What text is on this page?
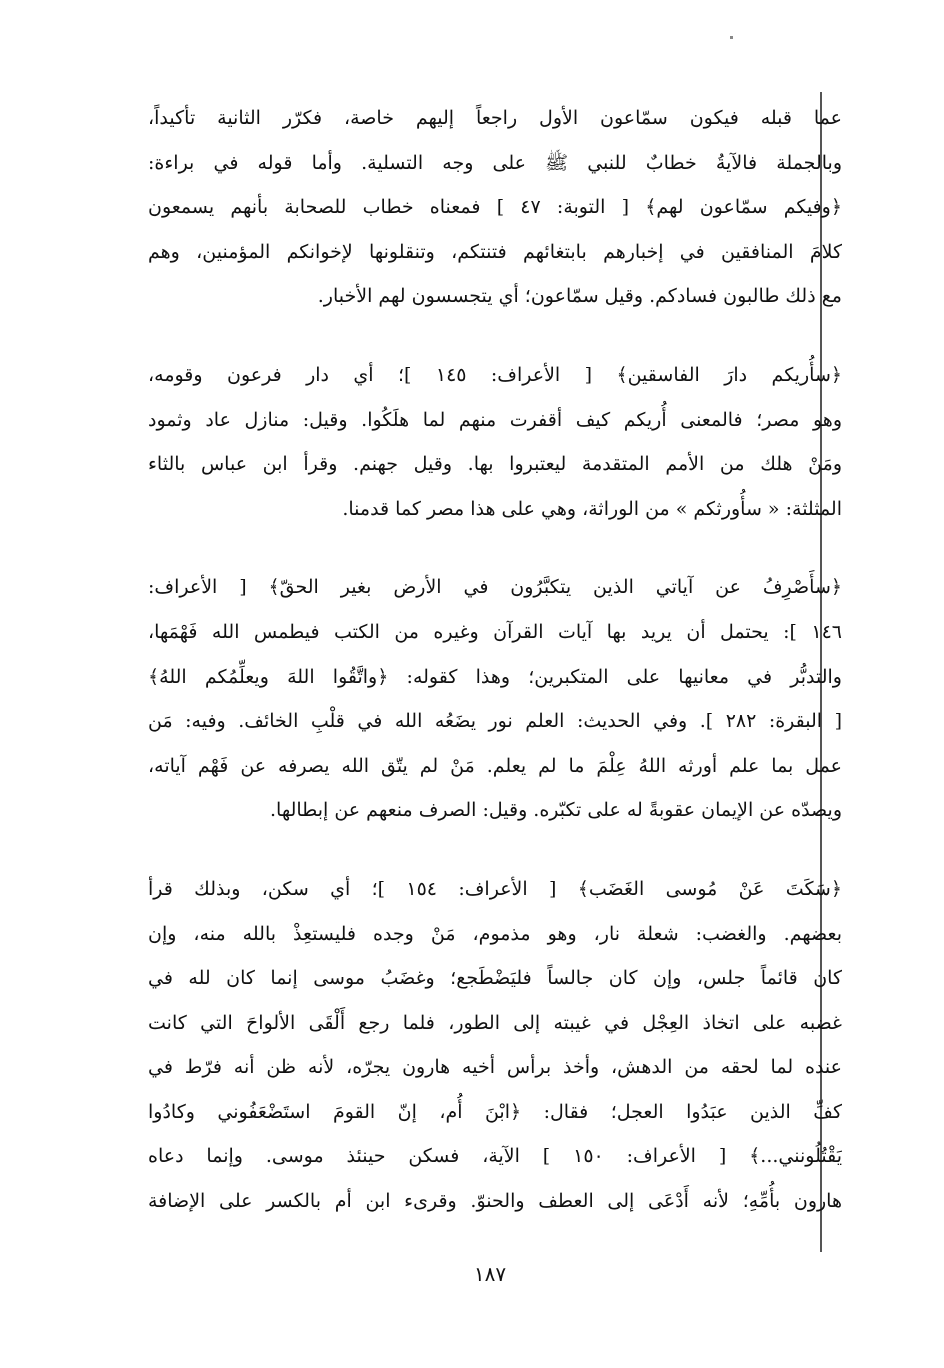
عما قبله فيكون سمّاعون الأول راجعاً إليهم خاصة، فكرّر الثانية تأكيداً،
وبالجملة فالآيةُ خطابٌ للنبي ﷺ على وجه التسلية. وأما قوله في براءة:
﴿وفيكم سمّاعون لهم﴾ [ التوبة: ٤٧ ] فمعناه خطاب للصحابة بأنهم يسمعون
كلامَ المنافقين في إخبارهم بابتغائهم فتنتكم، وتنقلونها لإخوانكم المؤمنين، وهم
مع ذلك طالبون فسادكم. وقيل سمّاعون؛ أي يتجسسون لهم الأخبار.
﴿سأُريكم دارَ الفاسقين﴾ [ الأعراف: ١٤٥ ]؛ أي دار فرعون وقومه،
وهو مصر؛ فالمعنى أُريكم كيف أقفرت منهم لما هلَكُوا. وقيل: منازل عاد وثمود
ومَنْ هلك من الأمم المتقدمة ليعتبروا بها. وقيل جهنم. وقرأ ابن عباس بالثاء
المثلثة: « سأُورثكم » من الوراثة، وهي على هذا مصر كما قدمنا.
﴿سأَصْرِفُ عن آياتي الذين يتكبَّرُون في الأرض بغير الحقّ﴾ [ الأعراف:
١٤٦ ]: يحتمل أن يريد بها آيات القرآن وغيره من الكتب فيطمس الله فَهْمَها،
والتدبُّر في معانيها على المتكبرين؛ وهذا كقوله: ﴿واتَّقُوا اللهَ ويعلِّمُكم اللهُ﴾
[ البقرة: ٢٨٢ ]. وفي الحديث: العلم نور يضَعُه الله في قلْبِ الخائف. وفيه: مَن
عمل بما علم أورثه اللهُ عِلْمَ ما لم يعلم. مَنْ لم يتّق الله يصرفه عن فَهْم آياته،
ويصدّه عن الإيمان عقوبةً له على تكبّره. وقيل: الصرف منعهم عن إبطالها.
﴿سَكَتَ عَنْ مُوسى الغَضَب﴾ [ الأعراف: ١٥٤ ]؛ أي سكن، وبذلك قرأ
بعضهم. والغضب: شعلة نار، وهو مذموم، مَنْ وجده فليستعِذْ بالله منه، وإن
كان قائماً جلس، وإن كان جالساً فليَضْطَجع؛ وغضَبُ موسى إنما كان لله في
غضبه على اتخاذ العِجْل في غيبته إلى الطور، فلما رجع أَلْقَى الألواحَ التي كانت
عنده لما لحقه من الدهش، وأخذ برأس أخيه هارون يجرّه، لأنه ظن أنه فرّط في
كفِّ الذين عبَدُوا العجل؛ فقال: ﴿ابْنَ أُم، إنّ القومَ استَضْعَفُوني وكادُوا
يَقْتُلُونني...﴾ [ الأعراف: ١٥٠ ] الآية، فسكن حينئذ موسى. وإنما دعاه
هارون بأُمِّهِ؛ لأنه أَدْعَى إلى العطف والحنوّ. وقرىء ابن أم بالكسر على الإضافة
١٨٧
